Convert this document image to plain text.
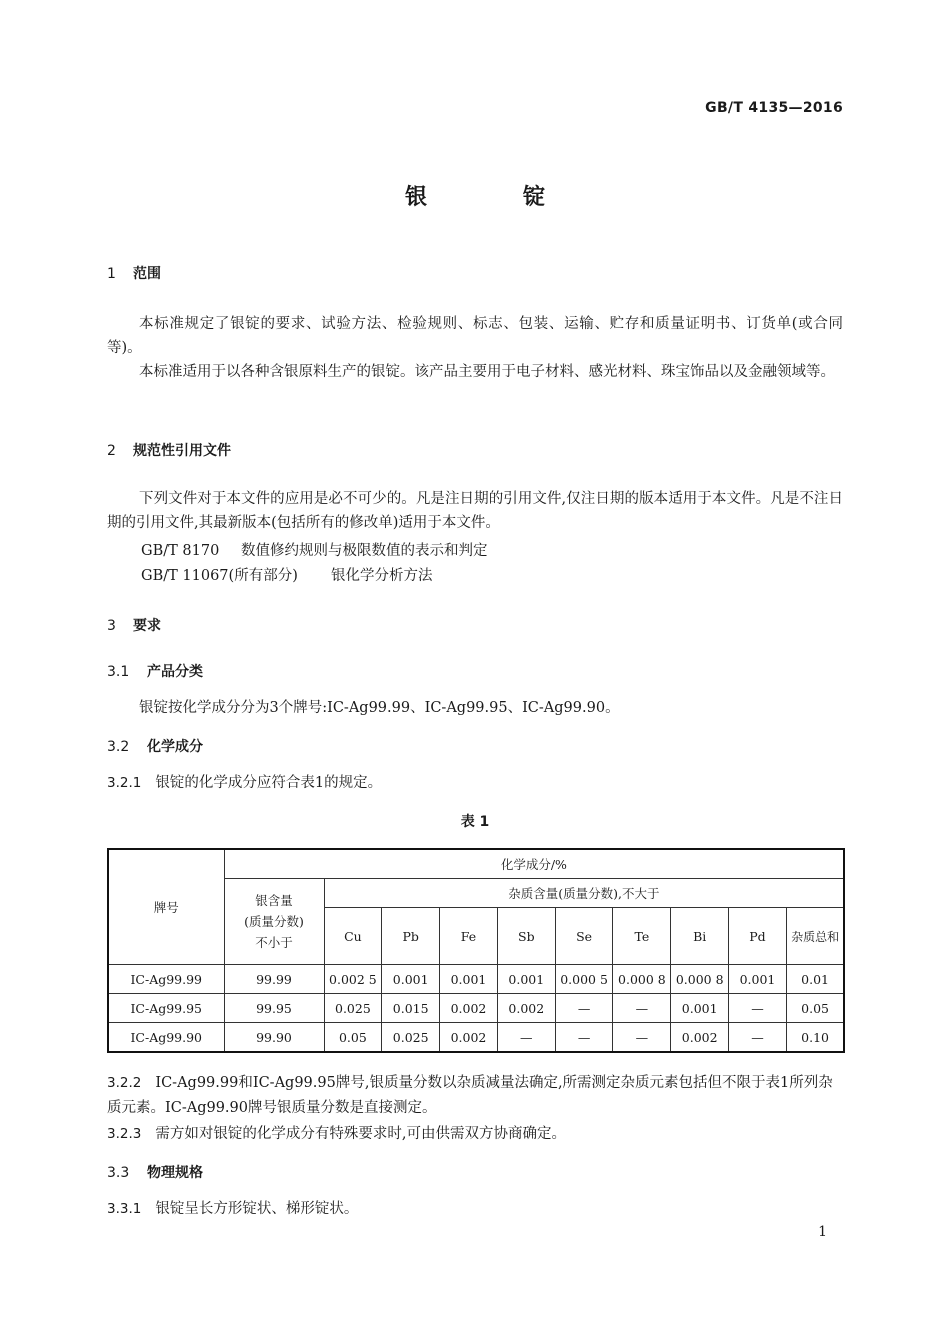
GB/T 4135—2016
银	锭
1 范围
本标准规定了银锭的要求、试验方法、检验规则、标志、包装、运输、贮存和质量证明书、订货单(或合同等)。
本标准适用于以各种含银原料生产的银锭。该产品主要用于电子材料、感光材料、珠宝饰品以及金融领域等。
2 规范性引用文件
下列文件对于本文件的应用是必不可少的。凡是注日期的引用文件,仅注日期的版本适用于本文件。凡是不注日期的引用文件,其最新版本(包括所有的修改单)适用于本文件。
GB/T 8170 数值修约规则与极限数值的表示和判定
GB/T 11067(所有部分) 银化学分析方法
3 要求
3.1 产品分类
银锭按化学成分分为3个牌号:IC-Ag99.99、IC-Ag99.95、IC-Ag99.90。
3.2 化学成分
3.2.1 银锭的化学成分应符合表1的规定。
表 1
牌号	化学成分/%									

	银含量
(质量分数)
不小于	杂质含量(质量分数),不大于								
		Cu	Pb	Fe	Sb	Se	Te	Bi	Pd	杂质总和
IC-Ag99.99	99.99	0.002 5	0.001	0.001	0.001	0.000 5	0.000 8	0.000 8	0.001	0.01
IC-Ag99.95	99.95	0.025	0.015	0.002	0.002	—	—	0.001	—	0.05
IC-Ag99.90	99.90	0.05	0.025	0.002	—	—	—	0.002	—	0.10
3.2.2 IC-Ag99.99和IC-Ag99.95牌号,银质量分数以杂质减量法确定,所需测定杂质元素包括但不限于表1所列杂质元素。IC-Ag99.90牌号银质量分数是直接测定。
3.2.3 需方如对银锭的化学成分有特殊要求时,可由供需双方协商确定。
3.3 物理规格
3.3.1 银锭呈长方形锭状、梯形锭状。
1
